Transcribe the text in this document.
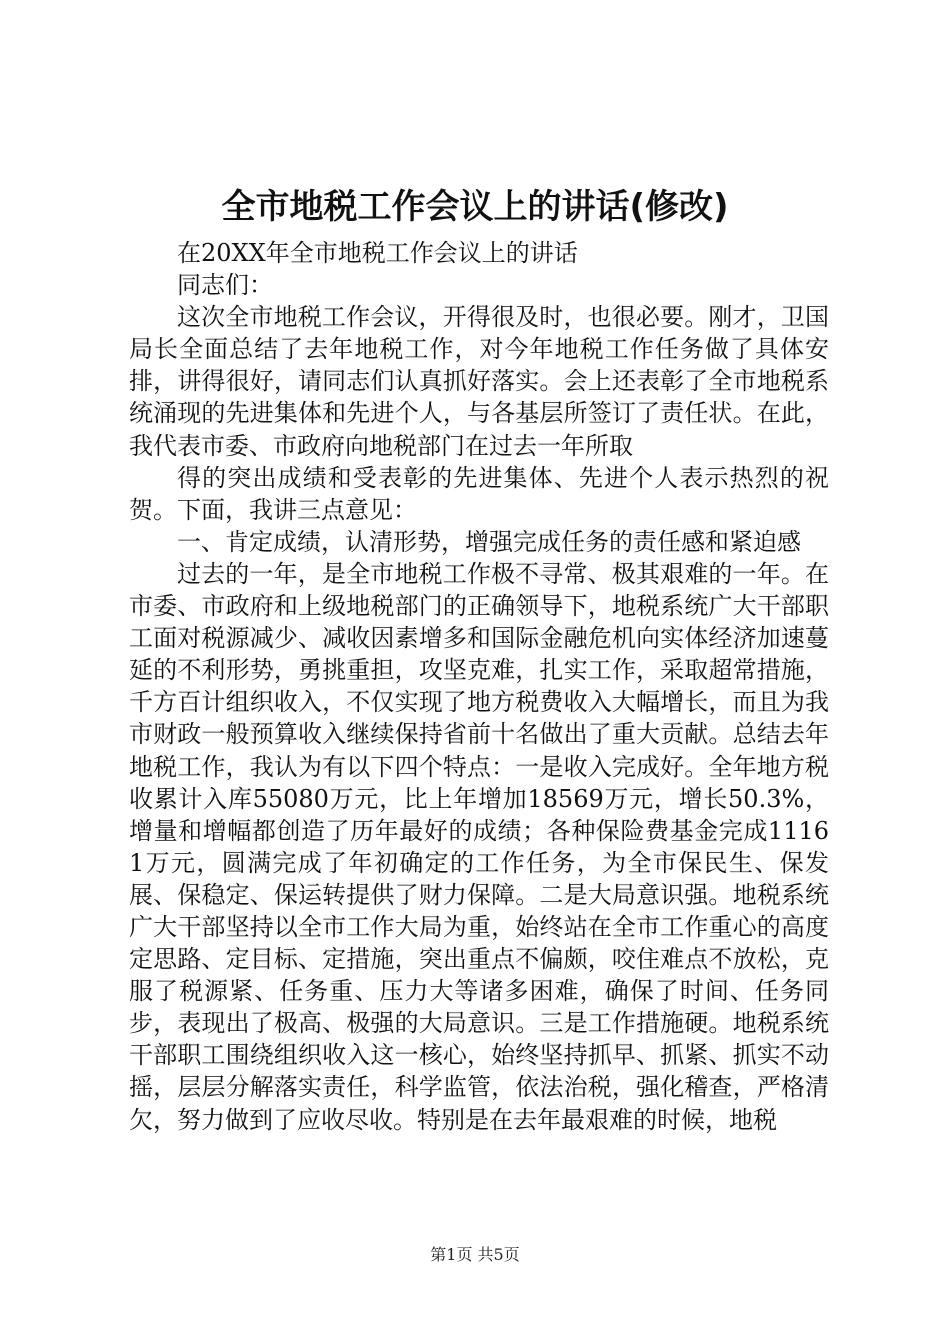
全市地税工作会议上的讲话(修改)

在20XX年全市地税工作会议上的讲话

同志们：

这次全市地税工作会议，开得很及时，也很必要。刚才，卫国局长全面总结了去年地税工作，对今年地税工作任务做了具体安排，讲得很好，请同志们认真抓好落实。会上还表彰了全市地税系统涌现的先进集体和先进个人，与各基层所签订了责任状。在此，我代表市委、市政府向地税部门在过去一年所取

得的突出成绩和受表彰的先进集体、先进个人表示热烈的祝贺。下面，我讲三点意见：

一、肯定成绩，认清形势，增强完成任务的责任感和紧迫感

过去的一年，是全市地税工作极不寻常、极其艰难的一年。在市委、市政府和上级地税部门的正确领导下，地税系统广大干部职工面对税源减少、减收因素增多和国际金融危机向实体经济加速蔓延的不利形势，勇挑重担，攻坚克难，扎实工作，采取超常措施，千方百计组织收入，不仅实现了地方税费收入大幅增长，而且为我市财政一般预算收入继续保持省前十名做出了重大贡献。总结去年地税工作，我认为有以下四个特点：一是收入完成好。全年地方税收累计入库55080万元，比上年增加18569万元，增长50.3%，增量和增幅都创造了历年最好的成绩；各种保险费基金完成11161万元，圆满完成了年初确定的工作任务，为全市保民生、保发展、保稳定、保运转提供了财力保障。二是大局意识强。地税系统广大干部坚持以全市工作大局为重，始终站在全市工作重心的高度定思路、定目标、定措施，突出重点不偏颇，咬住难点不放松，克服了税源紧、任务重、压力大等诸多困难，确保了时间、任务同步，表现出了极高、极强的大局意识。三是工作措施硬。地税系统干部职工围绕组织收入这一核心，始终坚持抓早、抓紧、抓实不动摇，层层分解落实责任，科学监管，依法治税，强化稽查，严格清欠，努力做到了应收尽收。特别是在去年最艰难的时候，地税

第1页 共5页
